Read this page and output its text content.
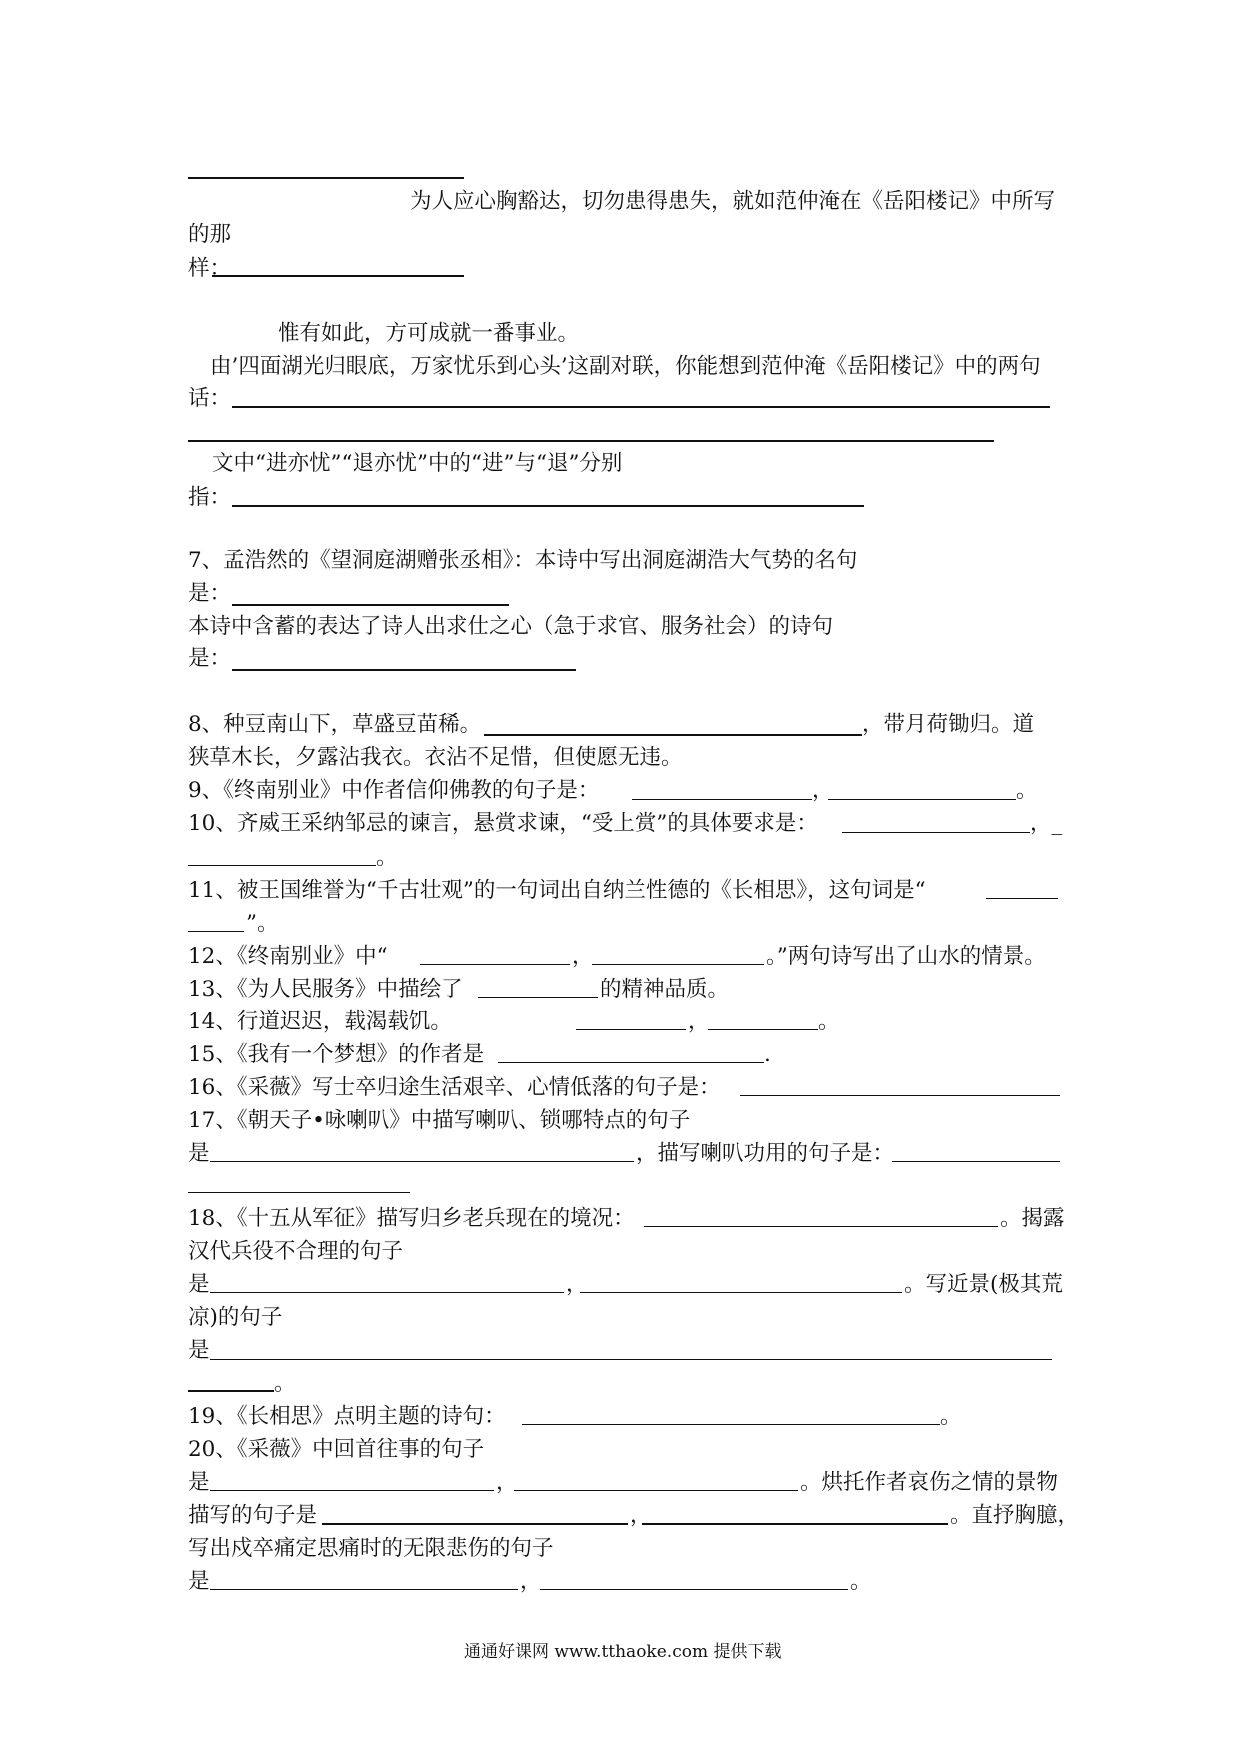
为人应心胸豁达，切勿患得患失，就如范仲淹在《岳阳楼记》中所写
的那
样：
惟有如此，方可成就一番事业。
由’四面湖光归眼底，万家忧乐到心头’这副对联，你能想到范仲淹《岳阳楼记》中的两句
话：
文中“进亦忧”“退亦忧”中的“进”与“退”分别
指：
7、孟浩然的《望洞庭湖赠张丞相》：本诗中写出洞庭湖浩大气势的名句
是：
本诗中含蓄的表达了诗人出求仕之心（急于求官、服务社会）的诗句
是：
8、种豆南山下，草盛豆苗稀。	，带月荷锄归。道
狭草木长，夕露沾我衣。衣沾不足惜，但使愿无违。
9、《终南别业》中作者信仰佛教的句子是：	，	。
10、齐威王采纳邹忌的谏言，悬赏求谏，“受上赏”的具体要求是：	，_
。
11、被王国维誉为“千古壮观”的一句词出自纳兰性德的《长相思》，这句词是“
”。
12、《终南别业》中“	，	。”两句诗写出了山水的情景。
13、《为人民服务》中描绘了	的精神品质。
14、行道迟迟，载渴载饥。	，	。
15、《我有一个梦想》的作者是	.
16、《采薇》写士卒归途生活艰辛、心情低落的句子是：
17、《朝天子•咏喇叭》中描写喇叭、锁哪特点的句子
是	，描写喇叭功用的句子是：
18、《十五从军征》描写归乡老兵现在的境况：	。揭露
汉代兵役不合理的句子
是	，	。写近景(极其荒
凉)的句子
是
。
19、《长相思》点明主题的诗句：	。
20、《采薇》中回首往事的句子
是	，	。烘托作者哀伤之情的景物
描写的句子是	，	。直抒胸臆，
写出戍卒痛定思痛时的无限悲伤的句子
是	，	。
通通好课网 www.tthaoke.com 提供下载
